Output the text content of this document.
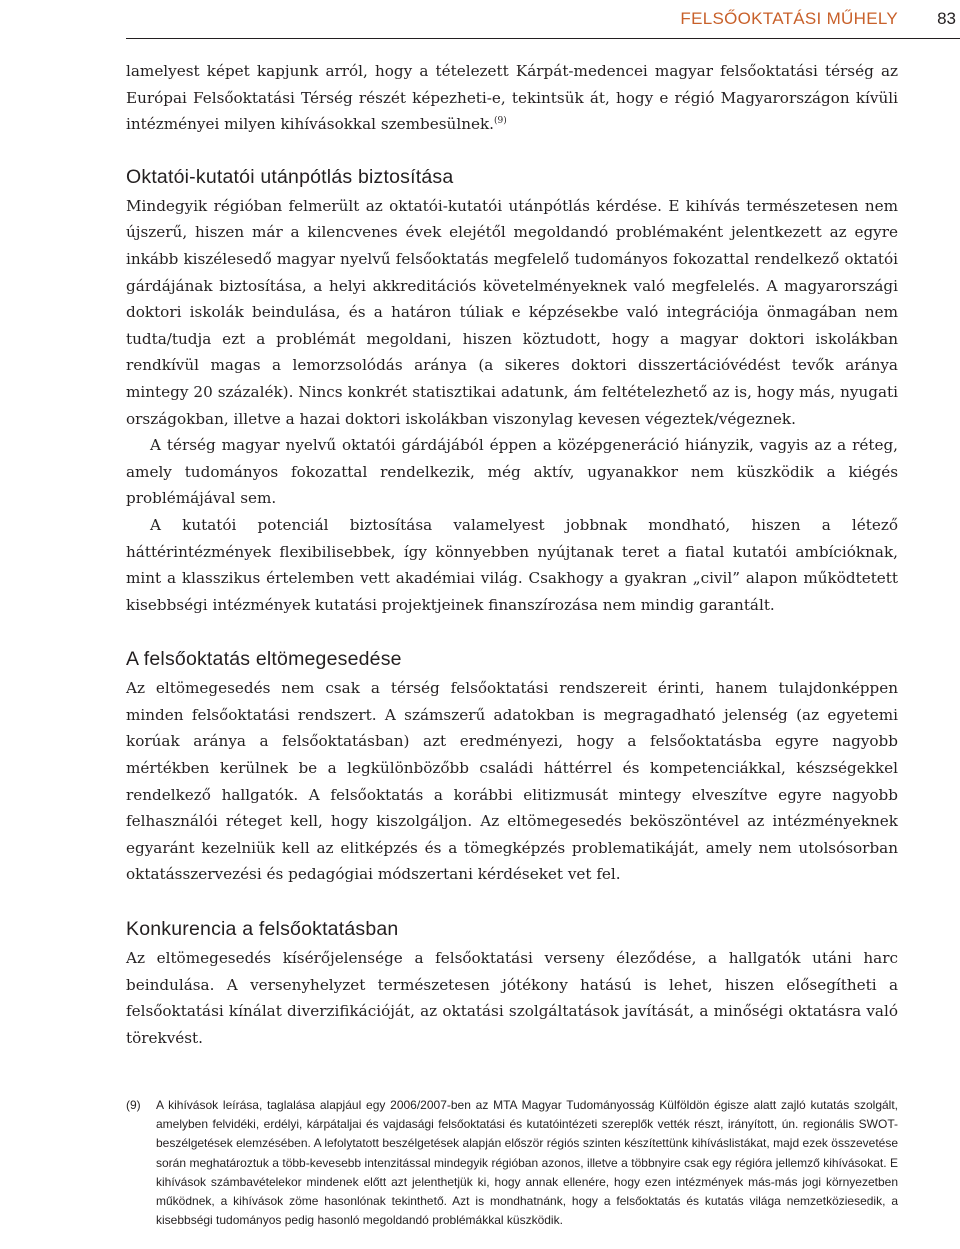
FELSŐOKTATÁSI MŰHELY 83

lamelyest képet kapjunk arról, hogy a tételezett Kárpát-medencei magyar felsőoktatási térség az Európai Felsőoktatási Térség részét képezheti-e, tekintsük át, hogy e régió Magyarországon kívüli intézményei milyen kihívásokkal szembesülnek.$^{(9)}$

Oktatói-kutatói utánpótlás biztosítása

Mindegyik régióban felmerült az oktatói-kutatói utánpótlás kérdése. E kihívás természetesen nem újszerű, hiszen már a kilencvenes évek elejétől megoldandó problémaként jelentkezett az egyre inkább kiszélesedő magyar nyelvű felsőoktatás megfelelő tudományos fokozattal rendelkező oktatói gárdájának biztosítása, a helyi akkreditációs követelményeknek való megfelelés. A magyarországi doktori iskolák beindulása, és a határon túliak e képzésekbe való integrációja önmagában nem tudta/tudja ezt a problémát megoldani, hiszen köztudott, hogy a magyar doktori iskolákban rendkívül magas a lemorzsolódás aránya (a sikeres doktori disszertációvédést tevők aránya mintegy 20 százalék). Nincs konkrét statisztikai adatunk, ám feltételezhető az is, hogy más, nyugati országokban, illetve a hazai doktori iskolákban viszonylag kevesen végeztek/végeznek.

A térség magyar nyelvű oktatói gárdájából éppen a középgeneráció hiányzik, vagyis az a réteg, amely tudományos fokozattal rendelkezik, még aktív, ugyanakkor nem küszködik a kiégés problémájával sem.

A kutatói potenciál biztosítása valamelyest jobbnak mondható, hiszen a létező háttérintézmények flexibilisebbek, így könnyebben nyújtanak teret a fiatal kutatói ambícióknak, mint a klasszikus értelemben vett akadémiai világ. Csakhogy a gyakran „civil” alapon működtetett kisebbségi intézmények kutatási projektjeinek finanszírozása nem mindig garantált.

A felsőoktatás eltömegesedése

Az eltömegesedés nem csak a térség felsőoktatási rendszereit érinti, hanem tulajdonképpen minden felsőoktatási rendszert. A számszerű adatokban is megragadható jelenség (az egyetemi korúak aránya a felsőoktatásban) azt eredményezi, hogy a felsőoktatásba egyre nagyobb mértékben kerülnek be a legkülönbözőbb családi háttérrel és kompetenciákkal, készségekkel rendelkező hallgatók. A felsőoktatás a korábbi elitizmusát mintegy elveszítve egyre nagyobb felhasználói réteget kell, hogy kiszolgáljon. Az eltömegesedés beköszöntével az intézményeknek egyaránt kezelniük kell az elitképzés és a tömegképzés problematikáját, amely nem utolsósorban oktatásszervezési és pedagógiai módszertani kérdéseket vet fel.

Konkurencia a felsőoktatásban

Az eltömegesedés kísérőjelensége a felsőoktatási verseny éleződése, a hallgatók utáni harc beindulása. A versenyhelyzet természetesen jótékony hatású is lehet, hiszen elősegítheti a felsőoktatási kínálat diverzifikációját, az oktatási szolgáltatások javítását, a minőségi oktatásra való törekvést.

(9)	A kihívások leírása, taglalása alapjául egy 2006/2007-ben az MTA Magyar Tudományosság Külföldön égisze alatt zajló kutatás szolgált, amelyben felvidéki, erdélyi, kárpátaljai és vajdasági felsőoktatási és kutatóintézeti szereplők vették részt, irányított, ún. regionális SWOT-beszélgetések elemzésében. A lefolytatott beszélgetések alapján először régiós szinten készítettünk kihíváslistákat, majd ezek összevetése során meghatároztuk a több-kevesebb intenzitással mindegyik régióban azonos, illetve a többnyire csak egy régióra jellemző kihívásokat. E kihívások számbavételekor mindenek előtt azt jelenthetjük ki, hogy annak ellenére, hogy ezen intézmények más-más jogi környezetben működnek, a kihívások zöme hasonlónak tekinthető. Azt is mondhatnánk, hogy a felsőoktatás és kutatás világa nemzetköziesedik, a kisebbségi tudományos pedig hasonló megoldandó problémákkal küszködik.
